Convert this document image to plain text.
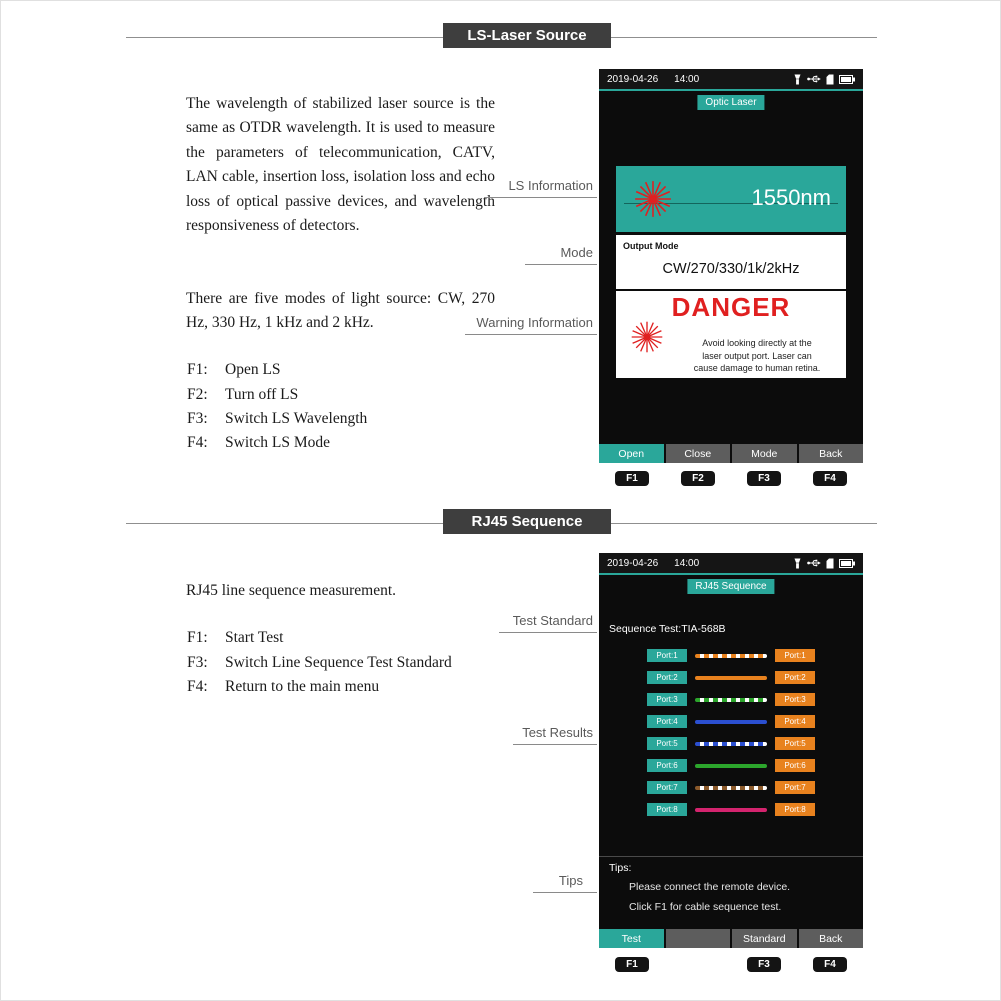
LS-Laser Source
The wavelength of stabilized laser source is the same as OTDR wavelength. It is used to measure the parameters of telecommunication, CATV, LAN cable, insertion loss, isolation loss and echo loss of optical passive devices, and wavelength responsiveness of detectors.
There are five modes of light source: CW, 270 Hz, 330 Hz, 1 kHz and 2 kHz.
F1:	Open LS
F2:	Turn off LS
F3:	Switch LS Wavelength
F4:	Switch LS Mode
LS Information
Mode
Warning Information
2019-04-26 14:00
Optic Laser
1550nm
Output Mode
CW/270/330/1k/2kHz
DANGER
Avoid looking directly at the
laser output port. Laser can
cause damage to human retina.
Open	Close	Mode	Back
F1	F2	F3	F4
RJ45 Sequence
RJ45 line sequence measurement.
F1:	Start Test
F3:	Switch Line Sequence Test Standard
F4:	Return to the main menu
Test Standard
Test Results
Tips
2019-04-26 14:00
RJ45 Sequence
Sequence Test:TIA-568B
Port:1	Port:1
Port:2	Port:2
Port:3	Port:3
Port:4	Port:4
Port:5	Port:5
Port:6	Port:6
Port:7	Port:7
Port:8	Port:8
Tips:
Please connect the remote device.
Click F1 for cable sequence test.
Test	Standard	Back
F1	F3	F4
